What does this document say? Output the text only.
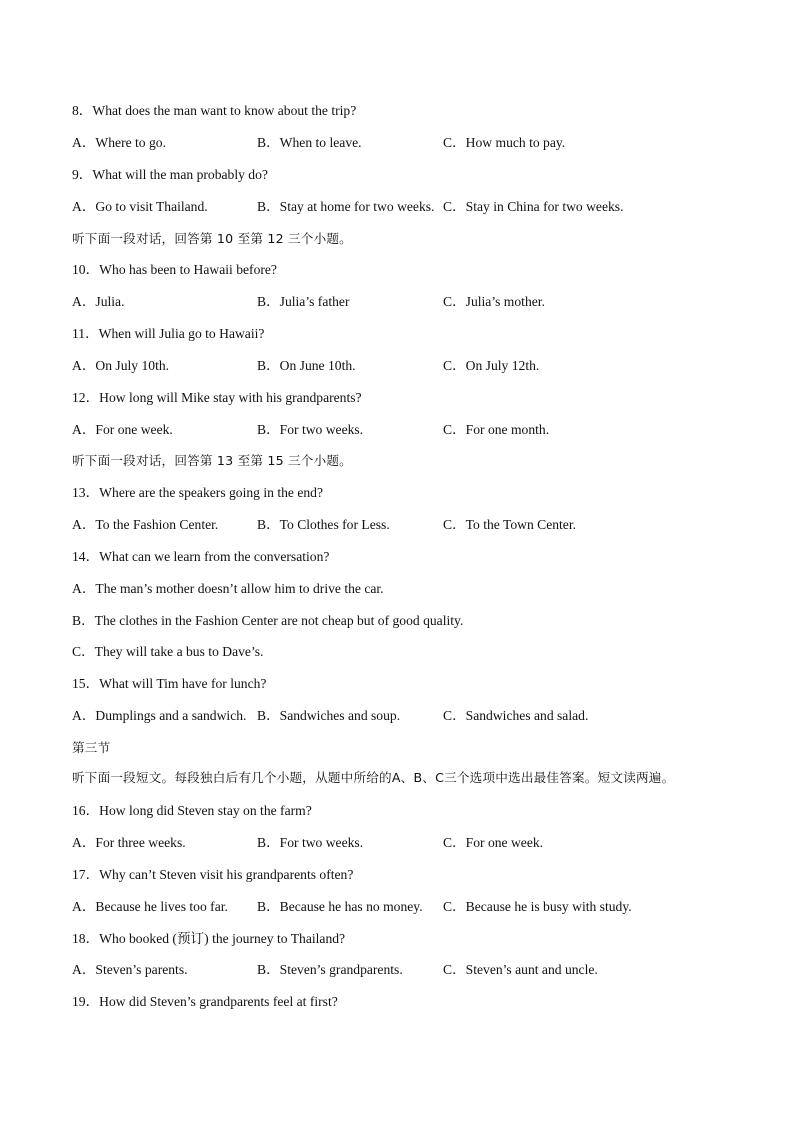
8．What does the man want to know about the trip?
A．Where to go.	B．When to leave.	C．How much to pay.
9．What will the man probably do?
A．Go to visit Thailand.	B．Stay at home for two weeks. C．Stay in China for two weeks.
听下面一段对话，回答第 10 至第 12 三个小题。
10．Who has been to Hawaii before?
A．Julia.	B．Julia’s father	C．Julia’s mother.
11．When will Julia go to Hawaii?
A．On July 10th.	B．On June 10th.	C．On July 12th.
12．How long will Mike stay with his grandparents?
A．For one week.	B．For two weeks.	C．For one month.
听下面一段对话，回答第 13 至第 15 三个小题。
13．Where are the speakers going in the end?
A．To the Fashion Center.	B．To Clothes for Less.	C．To the Town Center.
14．What can we learn from the conversation?
A．The man’s mother doesn’t allow him to drive the car.
B．The clothes in the Fashion Center are not cheap but of good quality.
C．They will take a bus to Dave’s.
15．What will Tim have for lunch?
A．Dumplings and a sandwich. B．Sandwiches and soup.	C．Sandwiches and salad.
第三节
听下面一段短文。每段独白后有几个小题，从题中所给的A、B、C三个选项中选出最佳答案。短文读两遍。
16．How long did Steven stay on the farm?
A．For three weeks.	B．For two weeks.	C．For one week.
17．Why can’t Steven visit his grandparents often?
A．Because he lives too far. B．Because he has no money. C．Because he is busy with study.
18．Who booked (预订) the journey to Thailand?
A．Steven’s parents.	B．Steven’s grandparents.	C．Steven’s aunt and uncle.
19．How did Steven’s grandparents feel at first?
